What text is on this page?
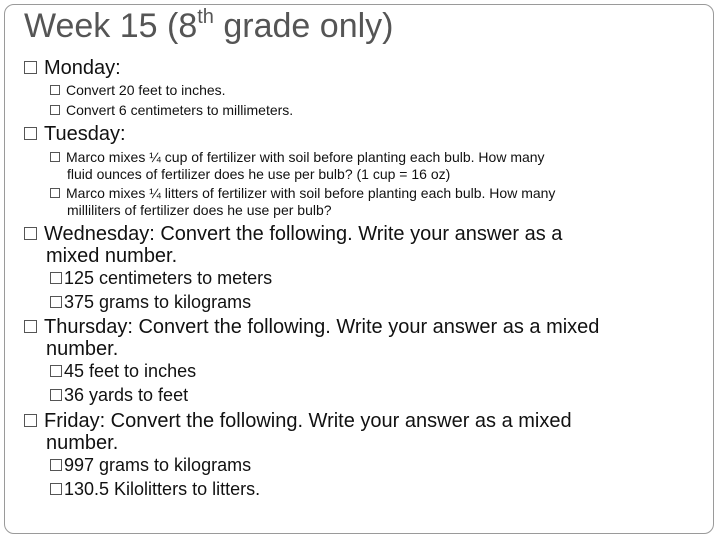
Week 15 (8th grade only)
Monday:
Convert 20 feet to inches.
Convert 6 centimeters to millimeters.
Tuesday:
Marco mixes ¼ cup of fertilizer with soil before planting each bulb. How many
fluid ounces of fertilizer does he use per bulb? (1 cup = 16 oz)
Marco mixes ¼ litters of fertilizer with soil before planting each bulb. How many
milliliters of fertilizer does he use per bulb?
Wednesday: Convert the following. Write your answer as a
mixed number.
125 centimeters to meters
375 grams to kilograms
Thursday: Convert the following. Write your answer as a mixed
number.
45 feet to inches
36 yards to feet
Friday: Convert the following. Write your answer as a mixed
number.
997 grams to kilograms
130.5 Kilolitters to litters.
